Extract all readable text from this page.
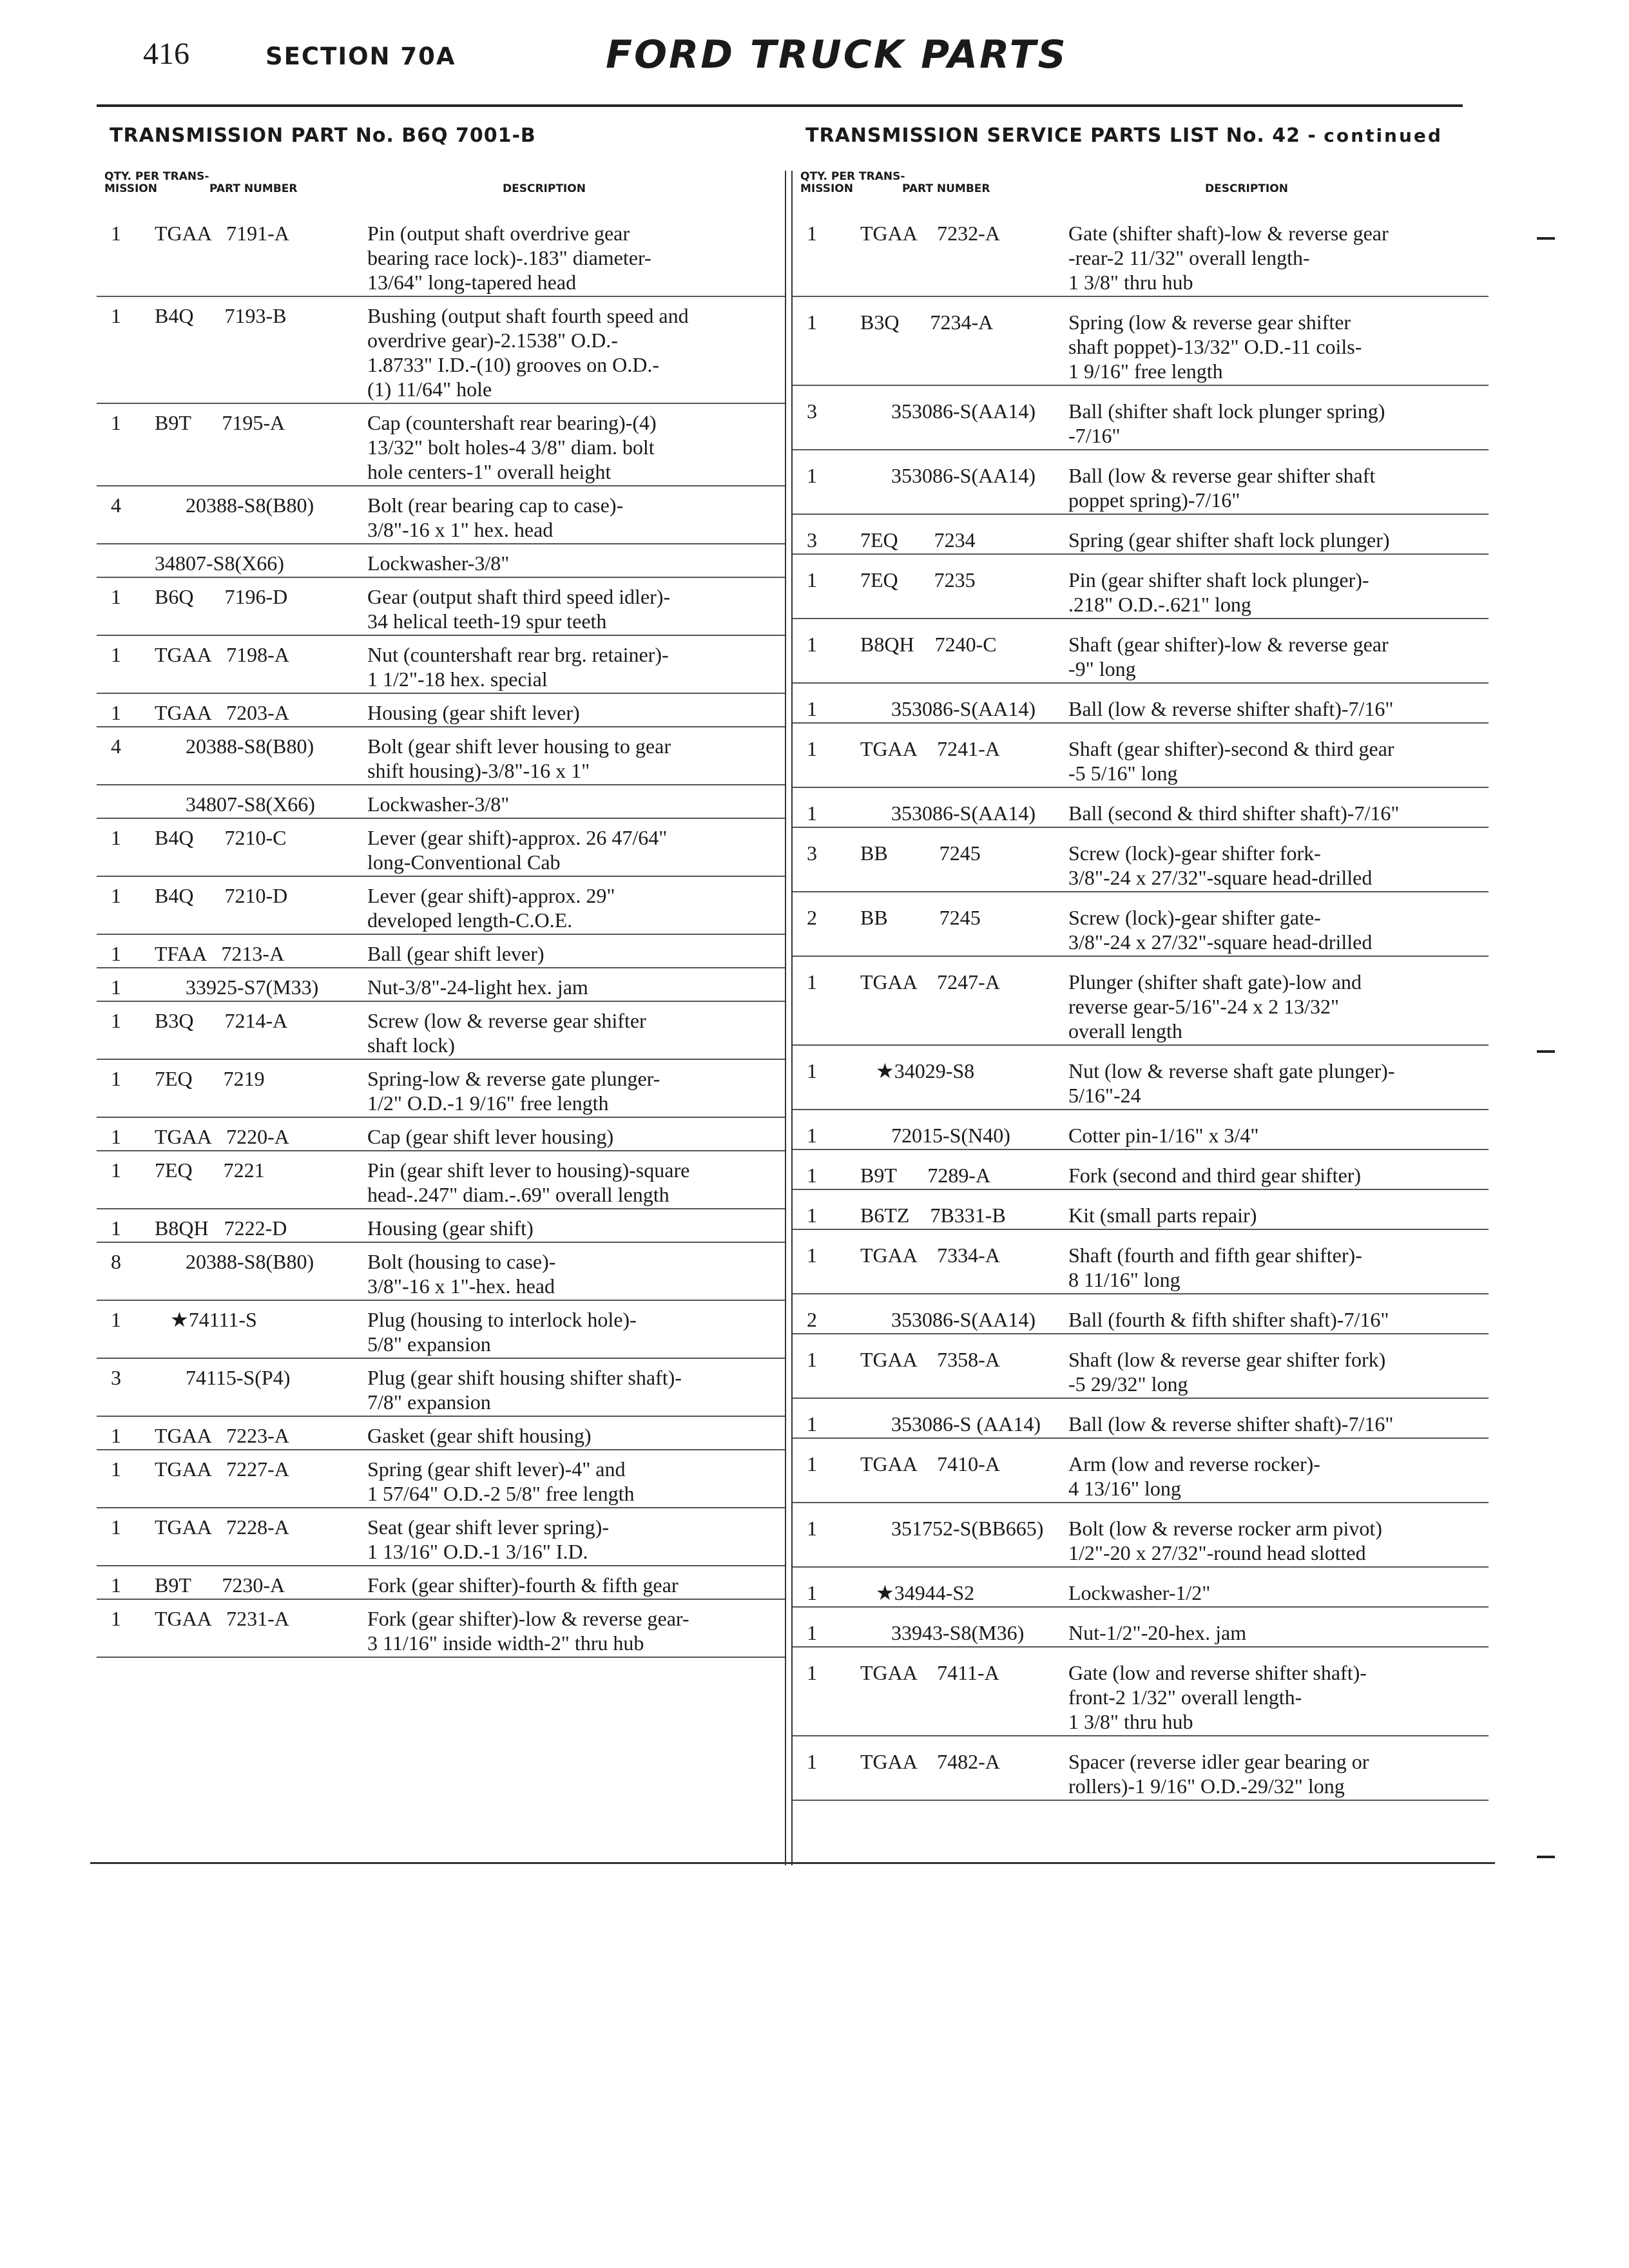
416	SECTION 70A	FORD TRUCK PARTS
TRANSMISSION PART No. B6Q 7001-B
QTY. PER TRANS-
MISSION	PART NUMBER	DESCRIPTION
1 TGAA   7191-A	Pin (output shaft overdrive gear
bearing race lock)-.183" diameter-
13/64" long-tapered head
1 B4Q      7193-B	Bushing (output shaft fourth speed and
overdrive gear)-2.1538" O.D.-
1.8733" I.D.-(10) grooves on O.D.-
(1) 11/64" hole
1 B9T      7195-A	Cap (countershaft rear bearing)-(4)
13/32" bolt holes-4 3/8" diam. bolt
hole centers-1" overall height
4 20388-S8(B80)	Bolt (rear bearing cap to case)-
3/8"-16 x 1" hex. head
34807-S8(X66)	Lockwasher-3/8"
1 B6Q      7196-D	Gear (output shaft third speed idler)-
34 helical teeth-19 spur teeth
1 TGAA   7198-A	Nut (countershaft rear brg. retainer)-
1 1/2"-18 hex. special
1 TGAA   7203-A	Housing (gear shift lever)
4 20388-S8(B80)	Bolt (gear shift lever housing to gear
shift housing)-3/8"-16 x 1"
34807-S8(X66)	Lockwasher-3/8"
1 B4Q      7210-C	Lever (gear shift)-approx. 26 47/64"
long-Conventional Cab
1 B4Q      7210-D	Lever (gear shift)-approx. 29"
developed length-C.O.E.
1 TFAA   7213-A	Ball (gear shift lever)
1 33925-S7(M33) Nut-3/8"-24-light hex. jam
1 B3Q      7214-A	Screw (low & reverse gear shifter
shaft lock)
1 7EQ      7219	Spring-low & reverse gate plunger-
1/2" O.D.-1 9/16" free length
1 TGAA   7220-A	Cap (gear shift lever housing)
1 7EQ      7221	Pin (gear shift lever to housing)-square
head-.247" diam.-.69" overall length
1 B8QH   7222-D	Housing (gear shift)
8 20388-S8(B80)	Bolt (housing to case)-
3/8"-16 x 1"-hex. head
1 ★74111-S	Plug (housing to interlock hole)-
5/8" expansion
3 74115-S(P4)	Plug (gear shift housing shifter shaft)-
7/8" expansion
1 TGAA   7223-A	Gasket (gear shift housing)
1 TGAA   7227-A	Spring (gear shift lever)-4" and
1 57/64" O.D.-2 5/8" free length
1 TGAA   7228-A	Seat (gear shift lever spring)-
1 13/16" O.D.-1 3/16" I.D.
1 B9T      7230-A	Fork (gear shifter)-fourth & fifth gear
1 TGAA   7231-A	Fork (gear shifter)-low & reverse gear-
3 11/16" inside width-2" thru hub
TRANSMISSION SERVICE PARTS LIST No. 42 - continued
QTY. PER TRANS-
MISSION	PART NUMBER	DESCRIPTION
1 TGAA    7232-A	Gate (shifter shaft)-low & reverse gear
-rear-2 11/32" overall length-
1 3/8" thru hub
1 B3Q      7234-A	Spring (low & reverse gear shifter
shaft poppet)-13/32" O.D.-11 coils-
1 9/16" free length
3 353086-S(AA14) Ball (shifter shaft lock plunger spring)
-7/16"
1 353086-S(AA14) Ball (low & reverse gear shifter shaft
poppet spring)-7/16"
3 7EQ       7234	Spring (gear shifter shaft lock plunger)
1 7EQ       7235	Pin (gear shifter shaft lock plunger)-
.218" O.D.-.621" long
1 B8QH    7240-C	Shaft (gear shifter)-low & reverse gear
-9" long
1 353086-S(AA14) Ball (low & reverse shifter shaft)-7/16"
1 TGAA    7241-A	Shaft (gear shifter)-second & third gear
-5 5/16" long
1 353086-S(AA14) Ball (second & third shifter shaft)-7/16"
3 BB          7245	Screw (lock)-gear shifter fork-
3/8"-24 x 27/32"-square head-drilled
2 BB          7245	Screw (lock)-gear shifter gate-
3/8"-24 x 27/32"-square head-drilled
1 TGAA    7247-A	Plunger (shifter shaft gate)-low and
reverse gear-5/16"-24 x 2 13/32"
overall length
1 ★34029-S8	Nut (low & reverse shaft gate plunger)-
5/16"-24
1 72015-S(N40)	Cotter pin-1/16" x 3/4"
1 B9T      7289-A	Fork (second and third gear shifter)
1 B6TZ    7B331-B	Kit (small parts repair)
1 TGAA    7334-A	Shaft (fourth and fifth gear shifter)-
8 11/16" long
2 353086-S(AA14) Ball (fourth & fifth shifter shaft)-7/16"
1 TGAA    7358-A	Shaft (low & reverse gear shifter fork)
-5 29/32" long
1 353086-S (AA14) Ball (low & reverse shifter shaft)-7/16"
1 TGAA    7410-A	Arm (low and reverse rocker)-
4 13/16" long
1 351752-S(BB665) Bolt (low & reverse rocker arm pivot)
1/2"-20 x 27/32"-round head slotted
1 ★34944-S2	Lockwasher-1/2"
1 33943-S8(M36) Nut-1/2"-20-hex. jam
1 TGAA    7411-A	Gate (low and reverse shifter shaft)-
front-2 1/32" overall length-
1 3/8" thru hub
1 TGAA    7482-A	Spacer (reverse idler gear bearing or
rollers)-1 9/16" O.D.-29/32" long
